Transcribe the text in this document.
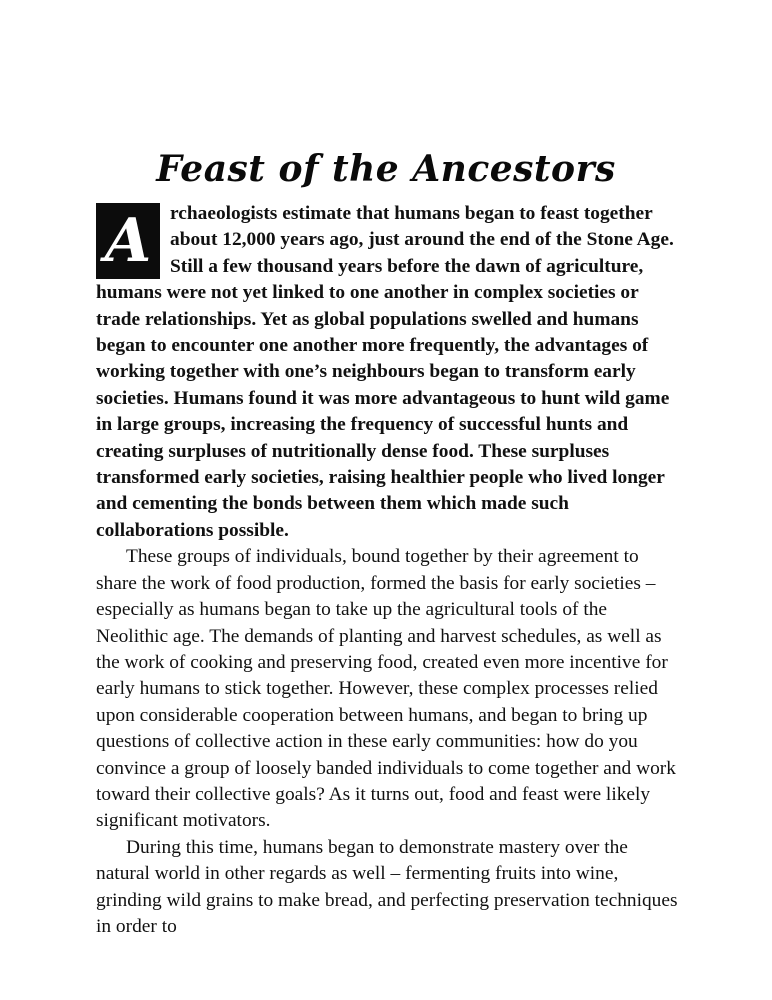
Feast of the Ancestors

A rchaeologists estimate that humans began to feast together about 12,000 years ago, just around the end of the Stone Age. Still a few thousand years before the dawn of agriculture, humans were not yet linked to one another in complex societies or trade relationships. Yet as global populations swelled and humans began to encounter one another more frequently, the advantages of working together with one’s neighbours began to transform early societies. Humans found it was more advantageous to hunt wild game in large groups, increasing the frequency of successful hunts and creating surpluses of nutritionally dense food. These surpluses transformed early societies, raising healthier people who lived longer and cementing the bonds between them which made such collaborations possible.

These groups of individuals, bound together by their agreement to share the work of food production, formed the basis for early societies – especially as humans began to take up the agricultural tools of the Neolithic age. The demands of planting and harvest schedules, as well as the work of cooking and preserving food, created even more incentive for early humans to stick together. However, these complex processes relied upon considerable cooperation between humans, and began to bring up questions of collective action in these early communities: how do you convince a group of loosely banded individuals to come together and work toward their collective goals? As it turns out, food and feast were likely significant motivators.

During this time, humans began to demonstrate mastery over the natural world in other regards as well – fermenting fruits into wine, grinding wild grains to make bread, and perfecting preservation techniques in order to
